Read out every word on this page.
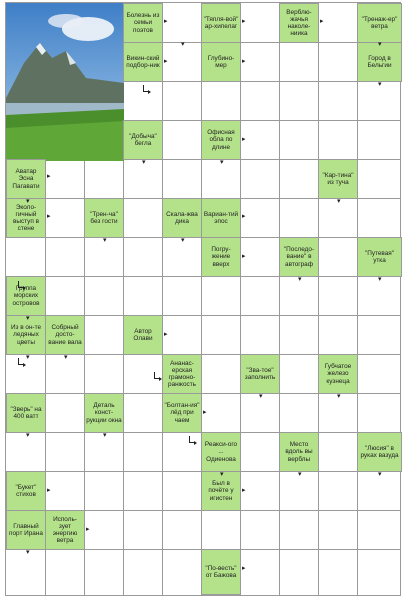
Болезнь из семьи поэтов
"Тяпля-вой" ар-хипелаг
Верблю-жачья наколе-ниика
"Тренаж-ер" ветра
Викин-ский подбор-ник
Глубино-мер
Город в Бельгии
"Добыча" бегла
Офисная обла по длине
Аватар Эсна Пагавати
"Кар-тина" из туча
Эколо-гичный выступ в стене
"Трен-ча" без гости
Скала-жва дика
Вариан-тий эпос
Погру-жение вверх
"Последо-вание" в автограф
"Путевая" утка
Группа морских островов
Из в он-те ледяных цветы
Собрный досто-вание вала
Автор Олави
Ананас-ерская грамоно-ранжость
"Зва-тое" заполнить
Губчатое железо кузнеца
"Зверь" на 400 ватт
Деталь конст-рукции окна
"Болтан-ия" лёд при чаем
Реакси-ого ... Одиенова
Место вдоль вы верблы
"Люсия" в руках вазуда
"Букет" стихов
Был в почёте у игистен
Главный порт Ирана
Исполь-зует энергию ветра
"По-весть" от Бажова
▸
▾
▸	▸
▾
▸	▸
▾
▾
▸
▾
▾
▸
▾
▸
▾	▾
▸
▸
▾	▾
▾
▾	▾
▸
▾	▾
▾	▾
▸
▾	▾	▾
▸	▸
▾
▸
▸
